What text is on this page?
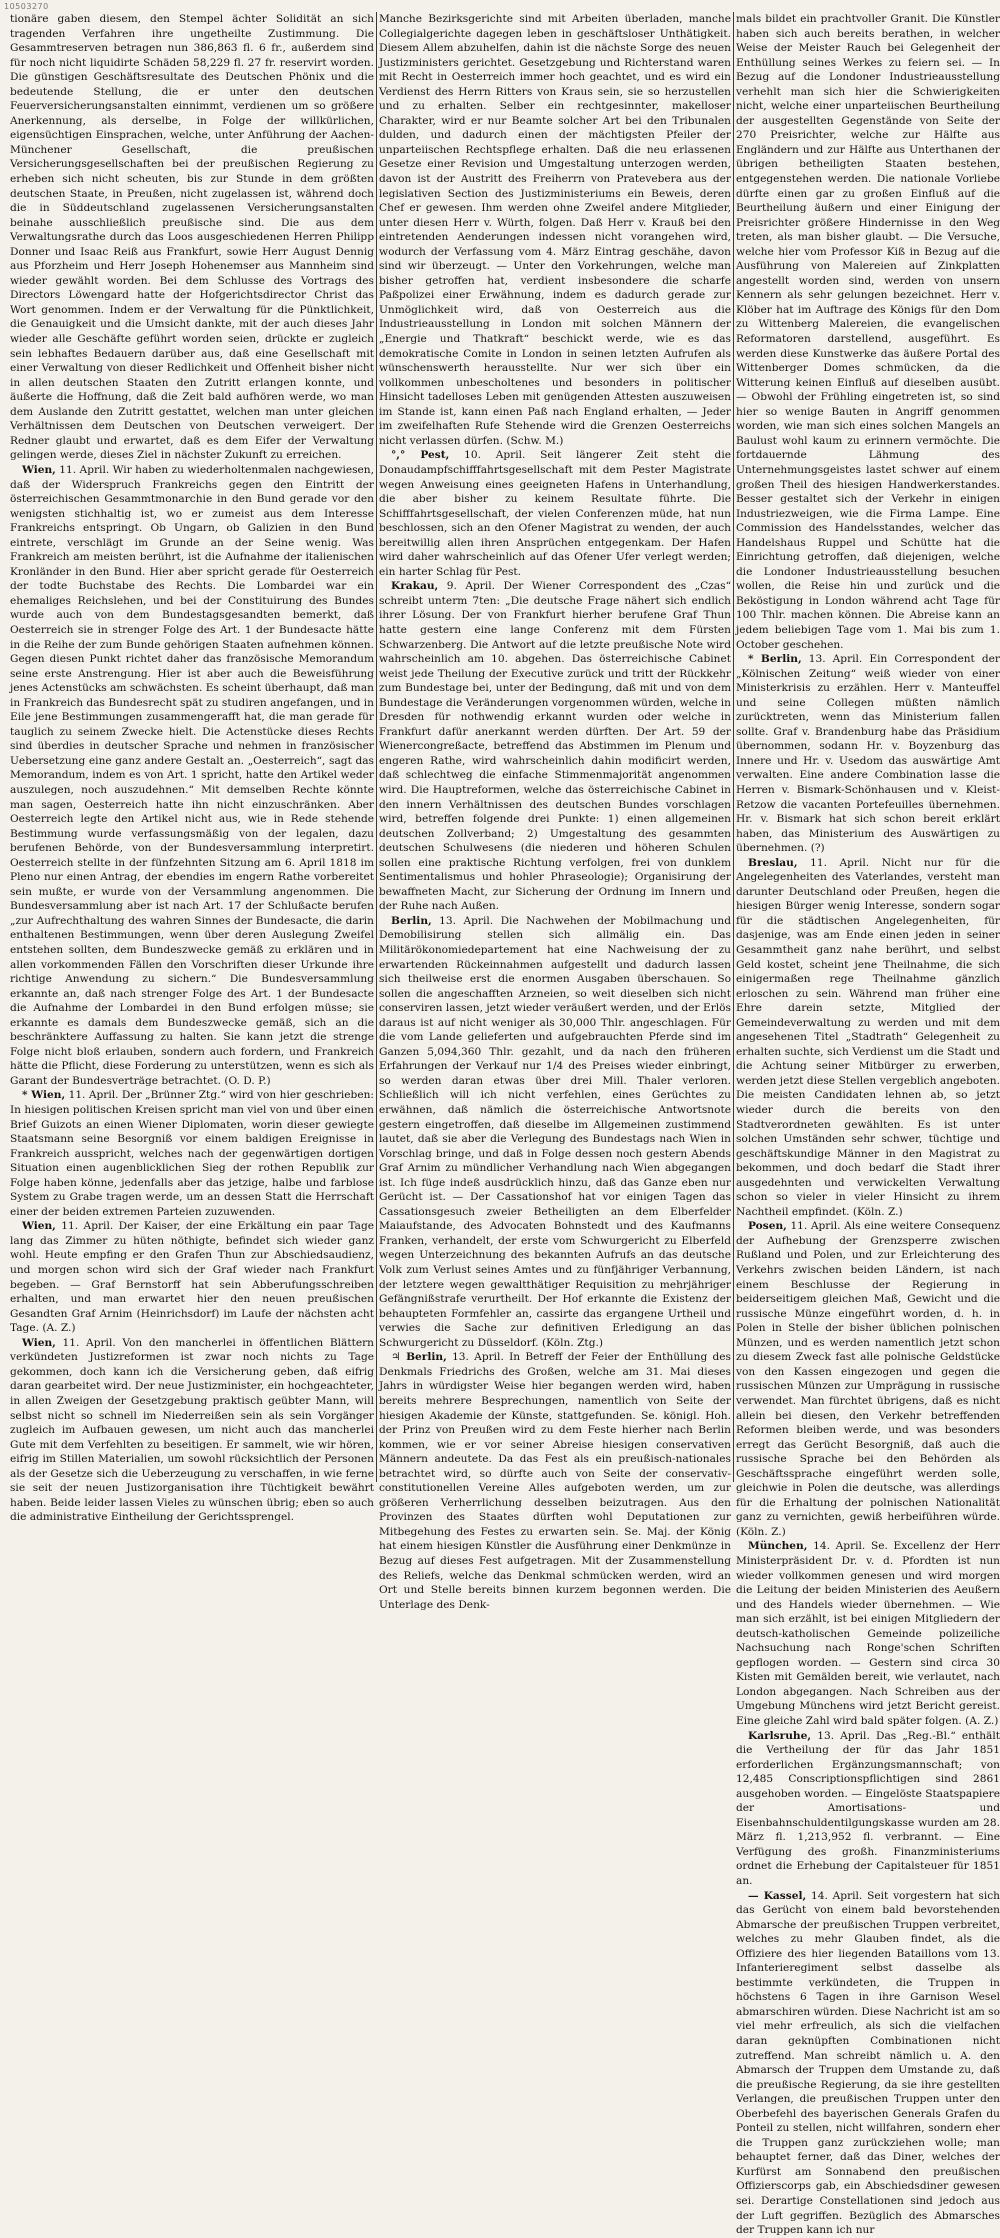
10503270

tionäre gaben diesem, den Stempel ächter Solidität an sich tragenden Verfahren ihre ungetheilte Zustimmung. Die Gesammtreserven betragen nun 386,863 fl. 6 fr., außerdem sind für noch nicht liquidirte Schäden 58,229 fl. 27 fr. reservirt worden. Die günstigen Geschäftsresultate des Deutschen Phönix und die bedeutende Stellung, die er unter den deutschen Feuerversicherungsanstalten einnimmt, verdienen um so größere Anerkennung, als derselbe, in Folge der willkürlichen, eigensüchtigen Einsprachen, welche, unter Anführung der Aachen-Münchener Gesellschaft, die preußischen Versicherungsgesellschaften bei der preußischen Regierung zu erheben sich nicht scheuten, bis zur Stunde in dem größten deutschen Staate, in Preußen, nicht zugelassen ist, während doch die in Süddeutschland zugelassenen Versicherungsanstalten beinahe ausschließlich preußische sind. Die aus dem Verwaltungsrathe durch das Loos ausgeschiedenen Herren Philipp Donner und Isaac Reiß aus Frankfurt, sowie Herr August Dennig aus Pforzheim und Herr Joseph Hohenemser aus Mannheim sind wieder gewählt worden. Bei dem Schlusse des Vortrags des Directors Löwengard hatte der Hofgerichtsdirector Christ das Wort genommen. Indem er der Verwaltung für die Pünktlichkeit, die Genauigkeit und die Umsicht dankte, mit der auch dieses Jahr wieder alle Geschäfte geführt worden seien, drückte er zugleich sein lebhaftes Bedauern darüber aus, daß eine Gesellschaft mit einer Verwaltung von dieser Redlichkeit und Offenheit bisher nicht in allen deutschen Staaten den Zutritt erlangen konnte, und äußerte die Hoffnung, daß die Zeit bald aufhören werde, wo man dem Auslande den Zutritt gestattet, welchen man unter gleichen Verhältnissen dem Deutschen von Deutschen verweigert. Der Redner glaubt und erwartet, daß es dem Eifer der Verwaltung gelingen werde, dieses Ziel in nächster Zukunft zu erreichen.

Wien, 11. April. Wir haben zu wiederholtenmalen nachgewiesen, daß der Widerspruch Frankreichs gegen den Eintritt der österreichischen Gesammtmonarchie in den Bund gerade vor den wenigsten stichhaltig ist, wo er zumeist aus dem Interesse Frankreichs entspringt. Ob Ungarn, ob Galizien in den Bund eintrete, verschlägt im Grunde an der Seine wenig. Was Frankreich am meisten berührt, ist die Aufnahme der italienischen Kronländer in den Bund. Hier aber spricht gerade für Oesterreich der todte Buchstabe des Rechts. Die Lombardei war ein ehemaliges Reichslehen, und bei der Constituirung des Bundes wurde auch von dem Bundestagsgesandten bemerkt, daß Oesterreich sie in strenger Folge des Art. 1 der Bundesacte hätte in die Reihe der zum Bunde gehörigen Staaten aufnehmen können. Gegen diesen Punkt richtet daher das französische Memorandum seine erste Anstrengung. Hier ist aber auch die Beweisführung jenes Actenstücks am schwächsten. Es scheint überhaupt, daß man in Frankreich das Bundesrecht spät zu studiren angefangen, und in Eile jene Bestimmungen zusammengerafft hat, die man gerade für tauglich zu seinem Zwecke hielt. Die Actenstücke dieses Rechts sind überdies in deutscher Sprache und nehmen in französischer Uebersetzung eine ganz andere Gestalt an. „Oesterreich“, sagt das Memorandum, indem es von Art. 1 spricht, hatte den Artikel weder auszulegen, noch auszudehnen.“ Mit demselben Rechte könnte man sagen, Oesterreich hatte ihn nicht einzuschränken. Aber Oesterreich legte den Artikel nicht aus, wie in Rede stehende Bestimmung wurde verfassungsmäßig von der legalen, dazu berufenen Behörde, von der Bundesversammlung interpretirt. Oesterreich stellte in der fünfzehnten Sitzung am 6. April 1818 im Pleno nur einen Antrag, der ebendies im engern Rathe vorbereitet sein mußte, er wurde von der Versammlung angenommen. Die Bundesversammlung aber ist nach Art. 17 der Schlußacte berufen „zur Aufrechthaltung des wahren Sinnes der Bundesacte, die darin enthaltenen Bestimmungen, wenn über deren Auslegung Zweifel entstehen sollten, dem Bundeszwecke gemäß zu erklären und in allen vorkommenden Fällen den Vorschriften dieser Urkunde ihre richtige Anwendung zu sichern.“ Die Bundesversammlung erkannte an, daß nach strenger Folge des Art. 1 der Bundesacte die Aufnahme der Lombardei in den Bund erfolgen müsse; sie erkannte es damals dem Bundeszwecke gemäß, sich an die beschränktere Auffassung zu halten. Sie kann jetzt die strenge Folge nicht bloß erlauben, sondern auch fordern, und Frankreich hätte die Pflicht, diese Forderung zu unterstützen, wenn es sich als Garant der Bundesverträge betrachtet. (O. D. P.)

* Wien, 11. April. Der „Brünner Ztg.“ wird von hier geschrieben: In hiesigen politischen Kreisen spricht man viel von und über einen Brief Guizots an einen Wiener Diplomaten, worin dieser gewiegte Staatsmann seine Besorgniß vor einem baldigen Ereignisse in Frankreich ausspricht, welches nach der gegenwärtigen dortigen Situation einen augenblicklichen Sieg der rothen Republik zur Folge haben könne, jedenfalls aber das jetzige, halbe und farblose System zu Grabe tragen werde, um an dessen Statt die Herrschaft einer der beiden extremen Parteien zuzuwenden.

Wien, 11. April. Der Kaiser, der eine Erkältung ein paar Tage lang das Zimmer zu hüten nöthigte, befindet sich wieder ganz wohl. Heute empfing er den Grafen Thun zur Abschiedsaudienz, und morgen schon wird sich der Graf wieder nach Frankfurt begeben. — Graf Bernstorff hat sein Abberufungsschreiben erhalten, und man erwartet hier den neuen preußischen Gesandten Graf Arnim (Heinrichsdorf) im Laufe der nächsten acht Tage. (A. Z.)

Wien, 11. April. Von den mancherlei in öffentlichen Blättern verkündeten Justizreformen ist zwar noch nichts zu Tage gekommen, doch kann ich die Versicherung geben, daß eifrig daran gearbeitet wird. Der neue Justizminister, ein hochgeachteter, in allen Zweigen der Gesetzgebung praktisch geübter Mann, will selbst nicht so schnell im Niederreißen sein als sein Vorgänger zugleich im Aufbauen gewesen, um nicht auch das mancherlei Gute mit dem Verfehlten zu beseitigen. Er sammelt, wie wir hören, eifrig im Stillen Materialien, um sowohl rücksichtlich der Personen als der Gesetze sich die Ueberzeugung zu verschaffen, in wie ferne sie seit der neuen Justizorganisation ihre Tüchtigkeit bewährt haben. Beide leider lassen Vieles zu wünschen übrig; eben so auch die administrative Eintheilung der Gerichtssprengel.

Manche Bezirksgerichte sind mit Arbeiten überladen, manche Collegialgerichte dagegen leben in geschäftsloser Unthätigkeit. Diesem Allem abzuhelfen, dahin ist die nächste Sorge des neuen Justizministers gerichtet. Gesetzgebung und Richterstand waren mit Recht in Oesterreich immer hoch geachtet, und es wird ein Verdienst des Herrn Ritters von Kraus sein, sie so herzustellen und zu erhalten. Selber ein rechtgesinnter, makelloser Charakter, wird er nur Beamte solcher Art bei den Tribunalen dulden, und dadurch einen der mächtigsten Pfeiler der unparteiischen Rechtspflege erhalten. Daß die neu erlassenen Gesetze einer Revision und Umgestaltung unterzogen werden, davon ist der Austritt des Freiherrn von Pratevebera aus der legislativen Section des Justizministeriums ein Beweis, deren Chef er gewesen. Ihm werden ohne Zweifel andere Mitglieder, unter diesen Herr v. Würth, folgen. Daß Herr v. Krauß bei den eintretenden Aenderungen indessen nicht vorangehen wird, wodurch der Verfassung vom 4. März Eintrag geschähe, davon sind wir überzeugt. — Unter den Vorkehrungen, welche man bisher getroffen hat, verdient insbesondere die scharfe Paßpolizei einer Erwähnung, indem es dadurch gerade zur Unmöglichkeit wird, daß von Oesterreich aus die Industrieausstellung in London mit solchen Männern der „Energie und Thatkraft“ beschickt werde, wie es das demokratische Comite in London in seinen letzten Aufrufen als wünschenswerth herausstellte. Nur wer sich über ein vollkommen unbescholtenes und besonders in politischer Hinsicht tadelloses Leben mit genügenden Attesten auszuweisen im Stande ist, kann einen Paß nach England erhalten, — Jeder im zweifelhaften Rufe Stehende wird die Grenzen Oesterreichs nicht verlassen dürfen. (Schw. M.)

°,° Pest, 10. April. Seit längerer Zeit steht die Donaudampfschifffahrtsgesellschaft mit dem Pester Magistrate wegen Anweisung eines geeigneten Hafens in Unterhandlung, die aber bisher zu keinem Resultate führte. Die Schifffahrtsgesellschaft, der vielen Conferenzen müde, hat nun beschlossen, sich an den Ofener Magistrat zu wenden, der auch bereitwillig allen ihren Ansprüchen entgegenkam. Der Hafen wird daher wahrscheinlich auf das Ofener Ufer verlegt werden; ein harter Schlag für Pest.

Krakau, 9. April. Der Wiener Correspondent des „Czas“ schreibt unterm 7ten: „Die deutsche Frage nähert sich endlich ihrer Lösung. Der von Frankfurt hierher berufene Graf Thun hatte gestern eine lange Conferenz mit dem Fürsten Schwarzenberg. Die Antwort auf die letzte preußische Note wird wahrscheinlich am 10. abgehen. Das österreichische Cabinet weist jede Theilung der Executive zurück und tritt der Rückkehr zum Bundestage bei, unter der Bedingung, daß mit und von dem Bundestage die Veränderungen vorgenommen würden, welche in Dresden für nothwendig erkannt wurden oder welche in Frankfurt dafür anerkannt werden dürften. Der Art. 59 der Wienercongreßacte, betreffend das Abstimmen im Plenum und engeren Rathe, wird wahrscheinlich dahin modificirt werden, daß schlechtweg die einfache Stimmenmajorität angenommen wird. Die Hauptreformen, welche das österreichische Cabinet in den innern Verhältnissen des deutschen Bundes vorschlagen wird, betreffen folgende drei Punkte: 1) einen allgemeinen deutschen Zollverband; 2) Umgestaltung des gesammten deutschen Schulwesens (die niederen und höheren Schulen sollen eine praktische Richtung verfolgen, frei von dunklem Sentimentalismus und hohler Phraseologie); Organisirung der bewaffneten Macht, zur Sicherung der Ordnung im Innern und der Ruhe nach Außen.

Berlin, 13. April. Die Nachwehen der Mobilmachung und Demobilisirung stellen sich allmälig ein. Das Militärökonomiedepartement hat eine Nachweisung der zu erwartenden Rückeinnahmen aufgestellt und dadurch lassen sich theilweise erst die enormen Ausgaben überschauen. So sollen die angeschafften Arzneien, so weit dieselben sich nicht conserviren lassen, jetzt wieder veräußert werden, und der Erlös daraus ist auf nicht weniger als 30,000 Thlr. angeschlagen. Für die vom Lande gelieferten und aufgebrauchten Pferde sind im Ganzen 5,094,360 Thlr. gezahlt, und da nach den früheren Erfahrungen der Verkauf nur 1/4 des Preises wieder einbringt, so werden daran etwas über drei Mill. Thaler verloren. Schließlich will ich nicht verfehlen, eines Gerüchtes zu erwähnen, daß nämlich die österreichische Antwortsnote gestern eingetroffen, daß dieselbe im Allgemeinen zustimmend lautet, daß sie aber die Verlegung des Bundestags nach Wien in Vorschlag bringe, und daß in Folge dessen noch gestern Abends Graf Arnim zu mündlicher Verhandlung nach Wien abgegangen ist. Ich füge indeß ausdrücklich hinzu, daß das Ganze eben nur Gerücht ist. — Der Cassationshof hat vor einigen Tagen das Cassationsgesuch zweier Betheiligten an dem Elberfelder Maiaufstande, des Advocaten Bohnstedt und des Kaufmanns Franken, verhandelt, der erste vom Schwurgericht zu Elberfeld wegen Unterzeichnung des bekannten Aufrufs an das deutsche Volk zum Verlust seines Amtes und zu fünfjähriger Verbannung, der letztere wegen gewaltthätiger Requisition zu mehrjähriger Gefängnißstrafe verurtheilt. Der Hof erkannte die Existenz der behaupteten Formfehler an, cassirte das ergangene Urtheil und verwies die Sache zur definitiven Erledigung an das Schwurgericht zu Düsseldorf. (Köln. Ztg.)

♃ Berlin, 13. April. In Betreff der Feier der Enthüllung des Denkmals Friedrichs des Großen, welche am 31. Mai dieses Jahrs in würdigster Weise hier begangen werden wird, haben bereits mehrere Besprechungen, namentlich von Seite der hiesigen Akademie der Künste, stattgefunden. Se. königl. Hoh. der Prinz von Preußen wird zu dem Feste hierher nach Berlin kommen, wie er vor seiner Abreise hiesigen conservativen Männern andeutete. Da das Fest als ein preußisch-nationales betrachtet wird, so dürfte auch von Seite der conservativ-constitutionellen Vereine Alles aufgeboten werden, um zur größeren Verherrlichung desselben beizutragen. Aus den Provinzen des Staates dürften wohl Deputationen zur Mitbegehung des Festes zu erwarten sein. Se. Maj. der König hat einem hiesigen Künstler die Ausführung einer Denkmünze in Bezug auf dieses Fest aufgetragen. Mit der Zusammenstellung des Reliefs, welche das Denkmal schmücken werden, wird an Ort und Stelle bereits binnen kurzem begonnen werden. Die Unterlage des Denk-

mals bildet ein prachtvoller Granit. Die Künstler haben sich auch bereits berathen, in welcher Weise der Meister Rauch bei Gelegenheit der Enthüllung seines Werkes zu feiern sei. — In Bezug auf die Londoner Industrieausstellung verhehlt man sich hier die Schwierigkeiten nicht, welche einer unparteiischen Beurtheilung der ausgestellten Gegenstände von Seite der 270 Preisrichter, welche zur Hälfte aus Engländern und zur Hälfte aus Unterthanen der übrigen betheiligten Staaten bestehen, entgegenstehen werden. Die nationale Vorliebe dürfte einen gar zu großen Einfluß auf die Beurtheilung äußern und einer Einigung der Preisrichter größere Hindernisse in den Weg treten, als man bisher glaubt. — Die Versuche, welche hier vom Professor Kiß in Bezug auf die Ausführung von Malereien auf Zinkplatten angestellt worden sind, werden von unsern Kennern als sehr gelungen bezeichnet. Herr v. Klöber hat im Auftrage des Königs für den Dom zu Wittenberg Malereien, die evangelischen Reformatoren darstellend, ausgeführt. Es werden diese Kunstwerke das äußere Portal des Wittenberger Domes schmücken, da die Witterung keinen Einfluß auf dieselben ausübt. — Obwohl der Frühling eingetreten ist, so sind hier so wenige Bauten in Angriff genommen worden, wie man sich eines solchen Mangels an Baulust wohl kaum zu erinnern vermöchte. Die fortdauernde Lähmung des Unternehmungsgeistes lastet schwer auf einem großen Theil des hiesigen Handwerkerstandes. Besser gestaltet sich der Verkehr in einigen Industriezweigen, wie die Firma Lampe. Eine Commission des Handelsstandes, welcher das Handelshaus Ruppel und Schütte hat die Einrichtung getroffen, daß diejenigen, welche die Londoner Industrieausstellung besuchen wollen, die Reise hin und zurück und die Beköstigung in London während acht Tage für 100 Thlr. machen können. Die Abreise kann an jedem beliebigen Tage vom 1. Mai bis zum 1. October geschehen.

* Berlin, 13. April. Ein Correspondent der „Kölnischen Zeitung“ weiß wieder von einer Ministerkrisis zu erzählen. Herr v. Manteuffel und seine Collegen müßten nämlich zurücktreten, wenn das Ministerium fallen sollte. Graf v. Brandenburg habe das Präsidium übernommen, sodann Hr. v. Boyzenburg das Innere und Hr. v. Usedom das auswärtige Amt verwalten. Eine andere Combination lasse die Herren v. Bismark-Schönhausen und v. Kleist-Retzow die vacanten Portefeuilles übernehmen. Hr. v. Bismark hat sich schon bereit erklärt haben, das Ministerium des Auswärtigen zu übernehmen. (?)

Breslau, 11. April. Nicht nur für die Angelegenheiten des Vaterlandes, versteht man darunter Deutschland oder Preußen, hegen die hiesigen Bürger wenig Interesse, sondern sogar für die städtischen Angelegenheiten, für dasjenige, was am Ende einen jeden in seiner Gesammtheit ganz nahe berührt, und selbst Geld kostet, scheint jene Theilnahme, die sich einigermaßen rege Theilnahme gänzlich erloschen zu sein. Während man früher eine Ehre darein setzte, Mitglied der Gemeindeverwaltung zu werden und mit dem angesehenen Titel „Stadtrath“ Gelegenheit zu erhalten suchte, sich Verdienst um die Stadt und die Achtung seiner Mitbürger zu erwerben, werden jetzt diese Stellen vergeblich angeboten. Die meisten Candidaten lehnen ab, so jetzt wieder durch die bereits von den Stadtverordneten gewählten. Es ist unter solchen Umständen sehr schwer, tüchtige und geschäftskundige Männer in den Magistrat zu bekommen, und doch bedarf die Stadt ihrer ausgedehnten und verwickelten Verwaltung schon so vieler in vieler Hinsicht zu ihrem Nachtheil empfindet. (Köln. Z.)

Posen, 11. April. Als eine weitere Consequenz der Aufhebung der Grenzsperre zwischen Rußland und Polen, und zur Erleichterung des Verkehrs zwischen beiden Ländern, ist nach einem Beschlusse der Regierung in beiderseitigem gleichen Maß, Gewicht und die russische Münze eingeführt worden, d. h. in Polen in Stelle der bisher üblichen polnischen Münzen, und es werden namentlich jetzt schon zu diesem Zweck fast alle polnische Geldstücke von den Kassen eingezogen und gegen die russischen Münzen zur Umprägung in russische verwendet. Man fürchtet übrigens, daß es nicht allein bei diesen, den Verkehr betreffenden Reformen bleiben werde, und was besonders erregt das Gerücht Besorgniß, daß auch die russische Sprache bei den Behörden als Geschäftssprache eingeführt werden solle, gleichwie in Polen die deutsche, was allerdings für die Erhaltung der polnischen Nationalität ganz zu vernichten, gewiß herbeiführen würde. (Köln. Z.)

München, 14. April. Se. Excellenz der Herr Ministerpräsident Dr. v. d. Pfordten ist nun wieder vollkommen genesen und wird morgen die Leitung der beiden Ministerien des Aeußern und des Handels wieder übernehmen. — Wie man sich erzählt, ist bei einigen Mitgliedern der deutsch-katholischen Gemeinde polizeiliche Nachsuchung nach Ronge'schen Schriften gepflogen worden. — Gestern sind circa 30 Kisten mit Gemälden bereit, wie verlautet, nach London abgegangen. Nach Schreiben aus der Umgebung Münchens wird jetzt Bericht gereist. Eine gleiche Zahl wird bald später folgen. (A. Z.)

Karlsruhe, 13. April. Das „Reg.-Bl.“ enthält die Vertheilung der für das Jahr 1851 erforderlichen Ergänzungsmannschaft; von 12,485 Conscriptionspflichtigen sind 2861 ausgehoben worden. — Eingelöste Staatspapiere der Amortisations- und Eisenbahnschuldentilgungskasse wurden am 28. März fl. 1,213,952 fl. verbrannt. — Eine Verfügung des großh. Finanzministeriums ordnet die Erhebung der Capitalsteuer für 1851 an.

— Kassel, 14. April. Seit vorgestern hat sich das Gerücht von einem bald bevorstehenden Abmarsche der preußischen Truppen verbreitet, welches zu mehr Glauben findet, als die Offiziere des hier liegenden Bataillons vom 13. Infanterieregiment selbst dasselbe als bestimmte verkündeten, die Truppen in höchstens 6 Tagen in ihre Garnison Wesel abmarschiren würden. Diese Nachricht ist am so viel mehr erfreulich, als sich die vielfachen daran geknüpften Combinationen nicht zutreffend. Man schreibt nämlich u. A. den Abmarsch der Truppen dem Umstande zu, daß die preußische Regierung, da sie ihre gestellten Verlangen, die preußischen Truppen unter den Oberbefehl des bayerischen Generals Grafen du Ponteil zu stellen, nicht willfahren, sondern eher die Truppen ganz zurückziehen wolle; man behauptet ferner, daß das Diner, welches der Kurfürst am Sonnabend den preußischen Offizierscorps gab, ein Abschiedsdiner gewesen sei. Derartige Constellationen sind jedoch aus der Luft gegriffen. Bezüglich des Abmarsches der Truppen kann ich nur
